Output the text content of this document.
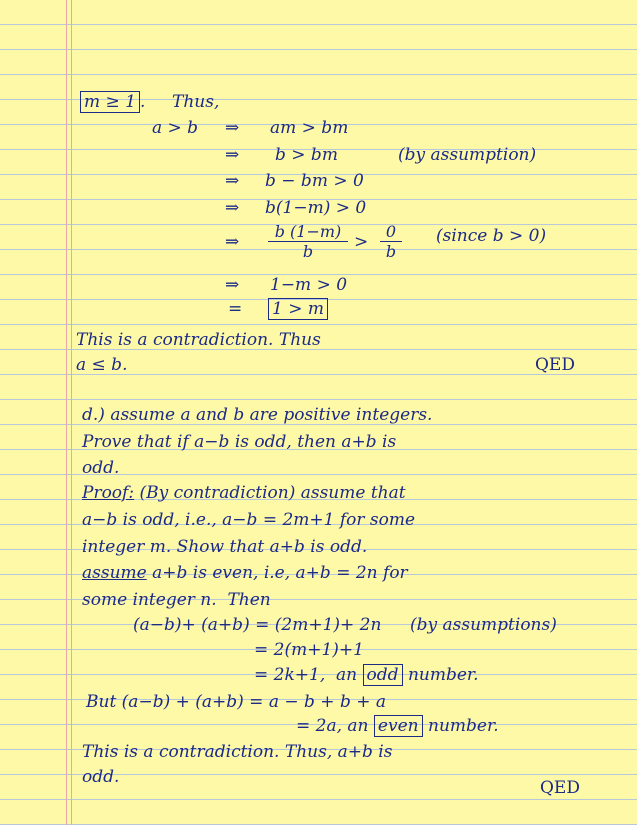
m ≥ 1 . Thus,
a > b ⇒ am > bm
⇒ b > bm	(by assumption)
⇒ b − bm > 0
⇒ b(1−m) > 0
⇒ $\frac{b (1-m)}{b} > \frac{0}{b}$ (since b > 0)
⇒ 1−m > 0
= 1 > m
This is a contradiction. Thus
a ≤ b.	QED
d.) assume a and b are positive integers.
Prove that if a−b is odd, then a+b is
odd.
Proof: (By contradiction) assume that
a−b is odd, i.e., a−b = 2m+1 for some
integer m. Show that a+b is odd.
assume a+b is even, i.e, a+b = 2n for
some integer n.  Then
(a−b)+ (a+b) = (2m+1)+ 2n (by assumptions)
= 2(m+1)+1
= 2k+1, an odd number.
But (a−b) + (a+b) = a − b + b + a
= 2a, an even number.
This is a contradiction. Thus, a+b is
odd.
QED
